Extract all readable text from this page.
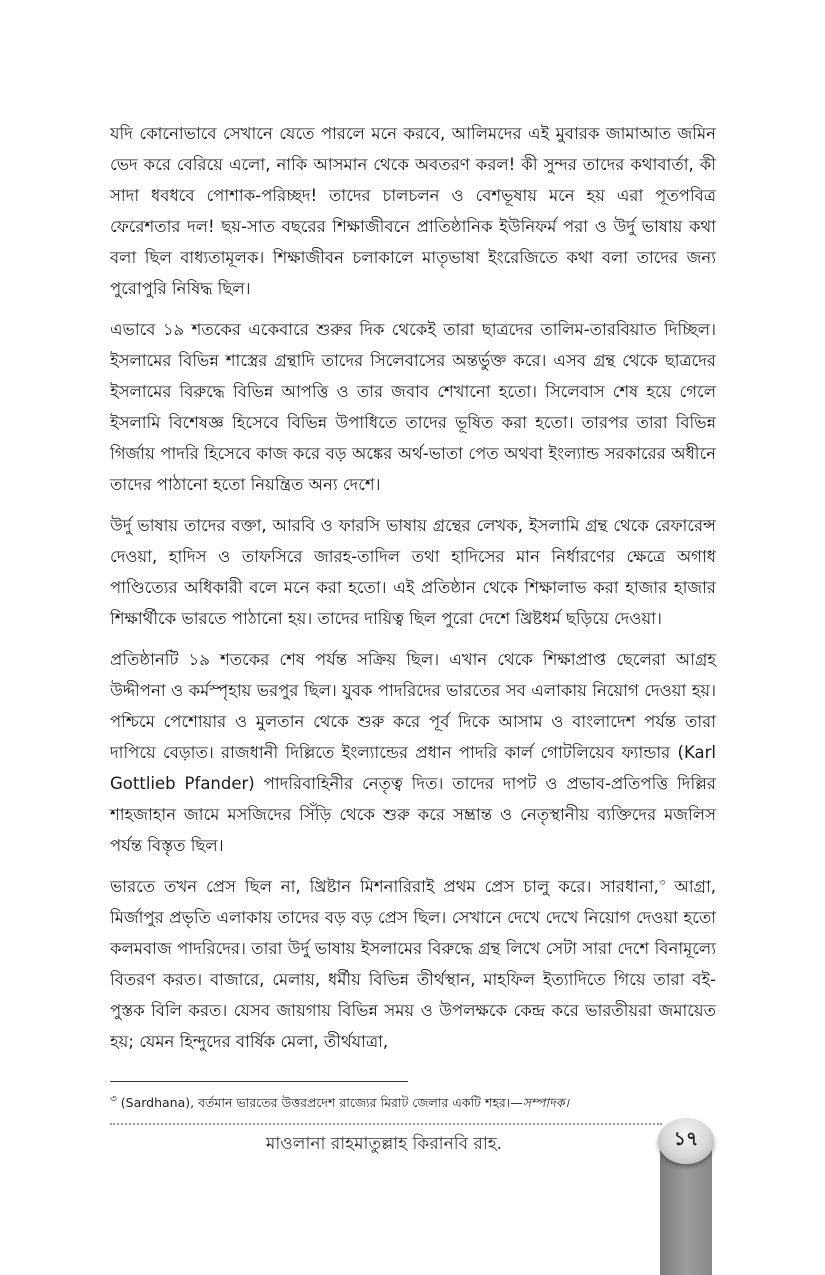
যদি কোনোভাবে সেখানে যেতে পারলে মনে করবে, আলিমদের এই মুবারক জামাআত জমিন ভেদ করে বেরিয়ে এলো, নাকি আসমান থেকে অবতরণ করল! কী সুন্দর তাদের কথাবার্তা, কী সাদা ধবধবে পোশাক-পরিচ্ছদ! তাদের চালচলন ও বেশভূষায় মনে হয় এরা পূতপবিত্র ফেরেশতার দল! ছয়-সাত বছরের শিক্ষাজীবনে প্রাতিষ্ঠানিক ইউনিফর্ম পরা ও উর্দু ভাষায় কথা বলা ছিল বাধ্যতামূলক। শিক্ষাজীবন চলাকালে মাতৃভাষা ইংরেজিতে কথা বলা তাদের জন্য পুরোপুরি নিষিদ্ধ ছিল।

এভাবে ১৯ শতকের একেবারে শুরুর দিক থেকেই তারা ছাত্রদের তালিম-তারবিয়াত দিচ্ছিল। ইসলামের বিভিন্ন শাস্ত্রের গ্রন্থাদি তাদের সিলেবাসের অন্তর্ভুক্ত করে। এসব গ্রন্থ থেকে ছাত্রদের ইসলামের বিরুদ্ধে বিভিন্ন আপত্তি ও তার জবাব শেখানো হতো। সিলেবাস শেষ হয়ে গেলে ইসলামি বিশেষজ্ঞ হিসেবে বিভিন্ন উপাধিতে তাদের ভূষিত করা হতো। তারপর তারা বিভিন্ন গির্জায় পাদরি হিসেবে কাজ করে বড় অঙ্কের অর্থ-ভাতা পেত অথবা ইংল্যান্ড সরকারের অধীনে তাদের পাঠানো হতো নিয়ন্ত্রিত অন্য দেশে।

উর্দু ভাষায় তাদের বক্তা, আরবি ও ফারসি ভাষায় গ্রন্থের লেখক, ইসলামি গ্রন্থ থেকে রেফারেন্স দেওয়া, হাদিস ও তাফসিরে জারহ-তাদিল তথা হাদিসের মান নির্ধারণের ক্ষেত্রে অগাধ পাণ্ডিত্যের অধিকারী বলে মনে করা হতো। এই প্রতিষ্ঠান থেকে শিক্ষালাভ করা হাজার হাজার শিক্ষার্থীকে ভারতে পাঠানো হয়। তাদের দায়িত্ব ছিল পুরো দেশে খ্রিষ্টধর্ম ছড়িয়ে দেওয়া।

প্রতিষ্ঠানটি ১৯ শতকের শেষ পর্যন্ত সক্রিয় ছিল। এখান থেকে শিক্ষাপ্রাপ্ত ছেলেরা আগ্রহ উদ্দীপনা ও কর্মস্পৃহায় ভরপুর ছিল। যুবক পাদরিদের ভারতের সব এলাকায় নিয়োগ দেওয়া হয়। পশ্চিমে পেশোয়ার ও মুলতান থেকে শুরু করে পূর্ব দিকে আসাম ও বাংলাদেশ পর্যন্ত তারা দাপিয়ে বেড়াত। রাজধানী দিল্লিতে ইংল্যান্ডের প্রধান পাদরি কার্ল গোটলিয়েব ফ্যান্ডার (Karl Gottlieb Pfander) পাদরিবাহিনীর নেতৃত্ব দিত। তাদের দাপট ও প্রভাব-প্রতিপত্তি দিল্লির শাহজাহান জামে মসজিদের সিঁড়ি থেকে শুরু করে সম্ভ্রান্ত ও নেতৃস্থানীয় ব্যক্তিদের মজলিস পর্যন্ত বিস্তৃত ছিল।

ভারতে তখন প্রেস ছিল না, খ্রিষ্টান মিশনারিরাই প্রথম প্রেস চালু করে। সারধানা,$^৩$ আগ্রা, মির্জাপুর প্রভৃতি এলাকায় তাদের বড় বড় প্রেস ছিল। সেখানে দেখে দেখে নিয়োগ দেওয়া হতো কলমবাজ পাদরিদের। তারা উর্দু ভাষায় ইসলামের বিরুদ্ধে গ্রন্থ লিখে সেটা সারা দেশে বিনামূল্যে বিতরণ করত। বাজারে, মেলায়, ধর্মীয় বিভিন্ন তীর্থস্থান, মাহফিল ইত্যাদিতে গিয়ে তারা বই-পুস্তক বিলি করত। যেসব জায়গায় বিভিন্ন সময় ও উপলক্ষকে কেন্দ্র করে ভারতীয়রা জমায়েত হয়; যেমন হিন্দুদের বার্ষিক মেলা, তীর্থযাত্রা,

$^৩$ (Sardhana), বর্তমান ভারতের উত্তরপ্রদেশ রাজ্যের মিরাট জেলার একটি শহর।—সম্পাদক।
মাওলানা রাহমাতুল্লাহ কিরানবি রাহ.	১৭
